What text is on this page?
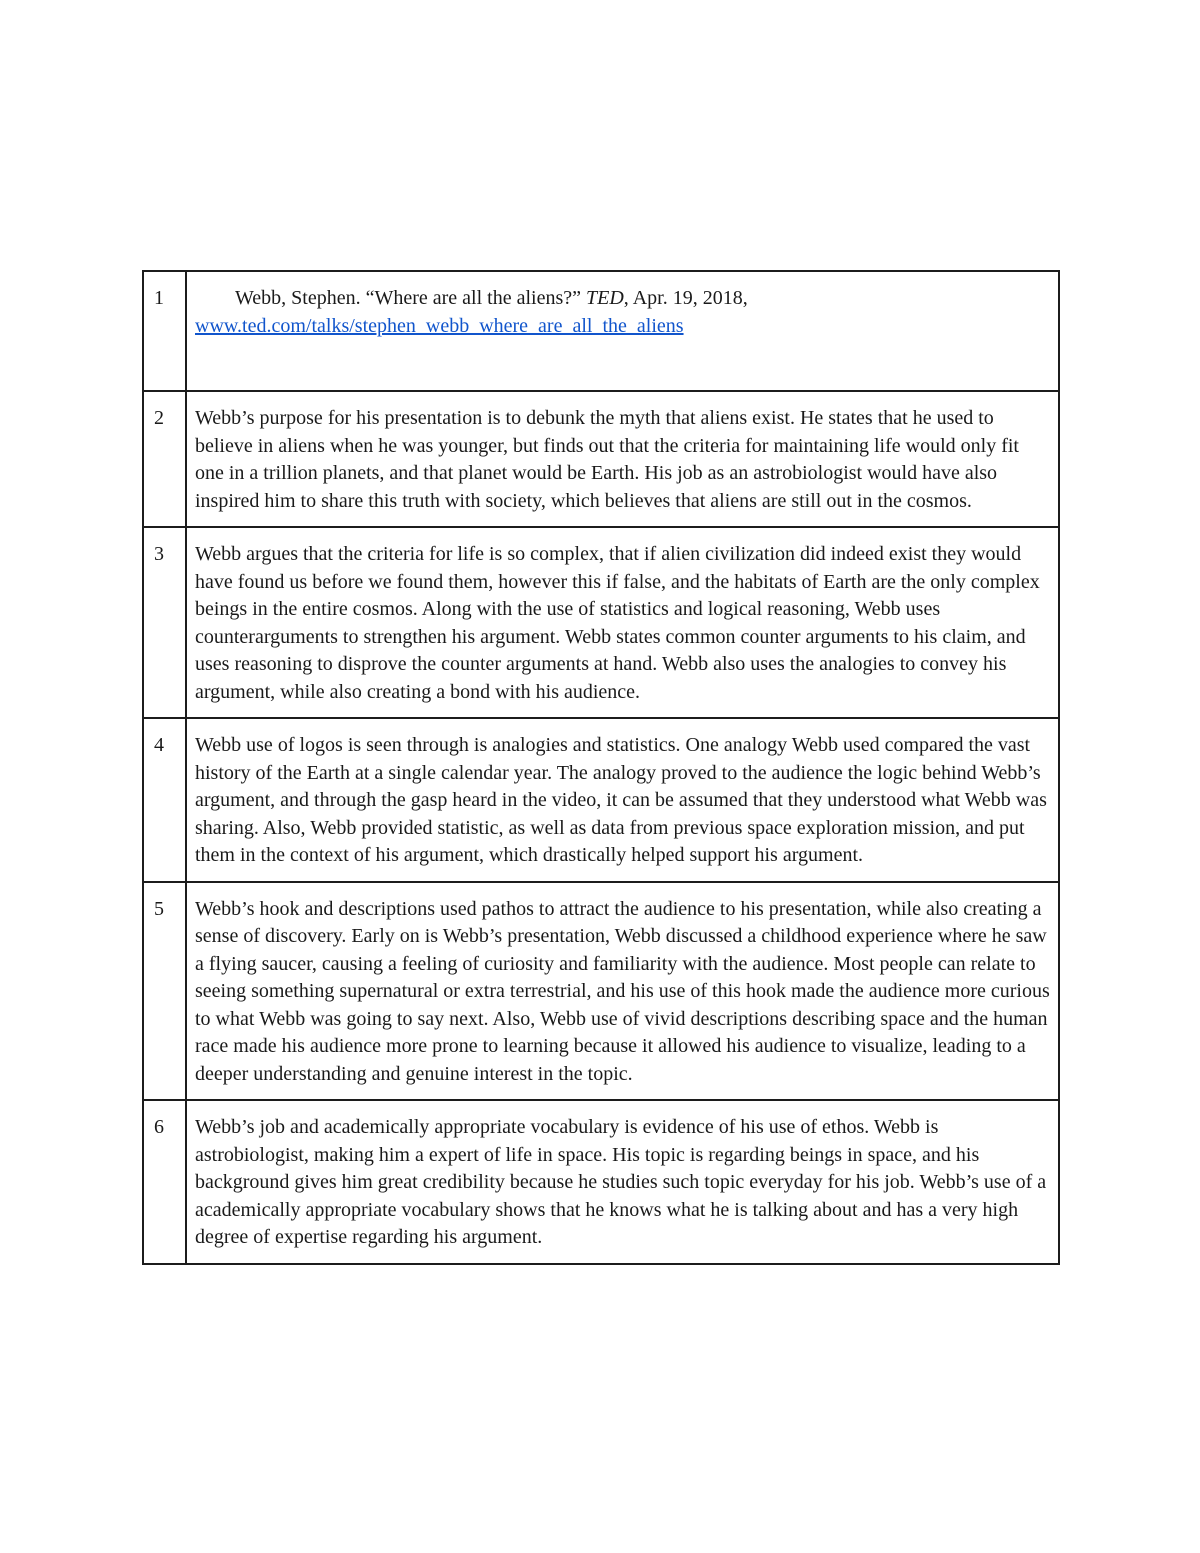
1	Webb, Stephen. “Where are all the aliens?” TED, Apr. 19, 2018,
www.ted.com/talks/stephen_webb_where_are_all_the_aliens

2	Webb’s purpose for his presentation is to debunk the myth that aliens exist. He states that he used to believe in aliens when he was younger, but finds out that the criteria for maintaining life would only fit one in a trillion planets, and that planet would be Earth. His job as an astrobiologist would have also inspired him to share this truth with society, which believes that aliens are still out in the cosmos.

3	Webb argues that the criteria for life is so complex, that if alien civilization did indeed exist they would have found us before we found them, however this if false, and the habitats of Earth are the only complex beings in the entire cosmos. Along with the use of statistics and logical reasoning, Webb uses counterarguments to strengthen his argument. Webb states common counter arguments to his claim, and uses reasoning to disprove the counter arguments at hand. Webb also uses the analogies to convey his argument, while also creating a bond with his audience.

4	Webb use of logos is seen through is analogies and statistics. One analogy Webb used compared the vast history of the Earth at a single calendar year. The analogy proved to the audience the logic behind Webb’s argument, and through the gasp heard in the video, it can be assumed that they understood what Webb was sharing. Also, Webb provided statistic, as well as data from previous space exploration mission, and put them in the context of his argument, which drastically helped support his argument.

5	Webb’s hook and descriptions used pathos to attract the audience to his presentation, while also creating a sense of discovery. Early on is Webb’s presentation, Webb discussed a childhood experience where he saw a flying saucer, causing a feeling of curiosity and familiarity with the audience. Most people can relate to seeing something supernatural or extra terrestrial, and his use of this hook made the audience more curious to what Webb was going to say next. Also, Webb use of vivid descriptions describing space and the human race made his audience more prone to learning because it allowed his audience to visualize, leading to a deeper understanding and genuine interest in the topic.

6	Webb’s job and academically appropriate vocabulary is evidence of his use of ethos. Webb is astrobiologist, making him a expert of life in space. His topic is regarding beings in space, and his background gives him great credibility because he studies such topic everyday for his job. Webb’s use of a academically appropriate vocabulary shows that he knows what he is talking about and has a very high degree of expertise regarding his argument.
